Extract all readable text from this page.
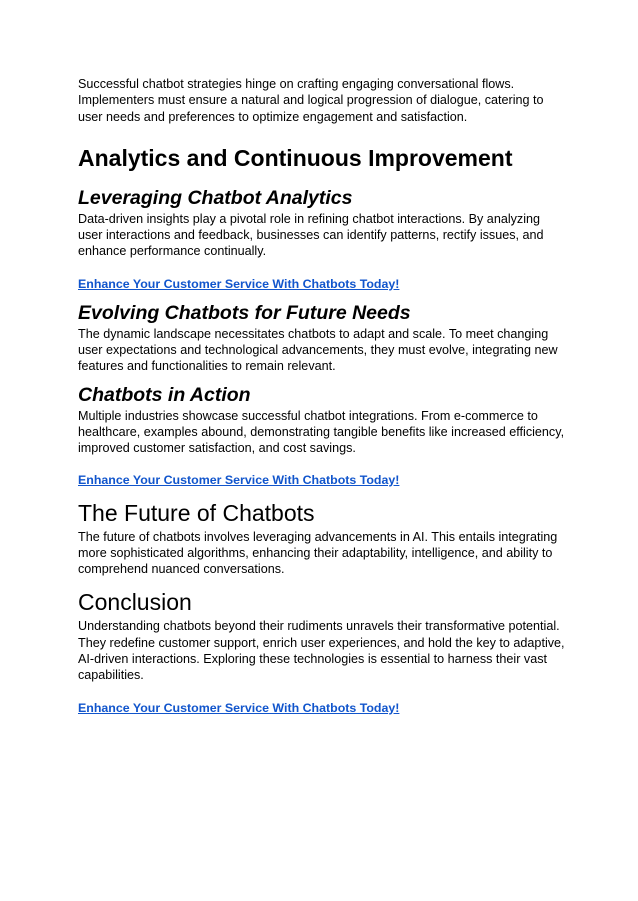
Successful chatbot strategies hinge on crafting engaging conversational flows. Implementers must ensure a natural and logical progression of dialogue, catering to user needs and preferences to optimize engagement and satisfaction.

Analytics and Continuous Improvement
Leveraging Chatbot Analytics

Data-driven insights play a pivotal role in refining chatbot interactions. By analyzing user interactions and feedback, businesses can identify patterns, rectify issues, and enhance performance continually.

Enhance Your Customer Service With Chatbots Today!
Evolving Chatbots for Future Needs

The dynamic landscape necessitates chatbots to adapt and scale. To meet changing user expectations and technological advancements, they must evolve, integrating new features and functionalities to remain relevant.

Chatbots in Action

Multiple industries showcase successful chatbot integrations. From e-commerce to healthcare, examples abound, demonstrating tangible benefits like increased efficiency, improved customer satisfaction, and cost savings.

Enhance Your Customer Service With Chatbots Today!
The Future of Chatbots

The future of chatbots involves leveraging advancements in AI. This entails integrating more sophisticated algorithms, enhancing their adaptability, intelligence, and ability to comprehend nuanced conversations.

Conclusion

Understanding chatbots beyond their rudiments unravels their transformative potential. They redefine customer support, enrich user experiences, and hold the key to adaptive, AI-driven interactions. Exploring these technologies is essential to harness their vast capabilities.

Enhance Your Customer Service With Chatbots Today!
